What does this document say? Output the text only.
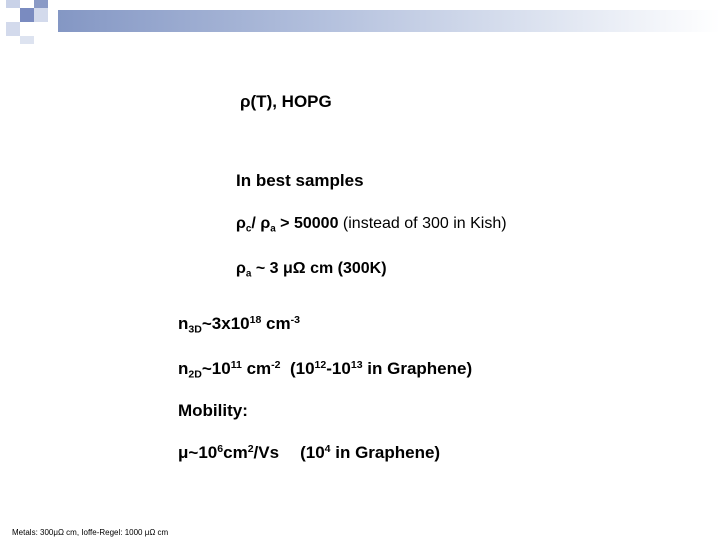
ρ(T), HOPG
In best samples
$\rho_c/$ $\rho_a > 50000$ (instead of 300 in Kish)
$\rho_a$ ~ 3 μΩ cm (300K)
$n_{3D}\sim 3x10^{18}$ $cm^{-3}$
$n_{2D}\sim 10^{11}$ $cm^{-2}$  ($10^{12}-10^{13}$ in Graphene)
Mobility:
$\mu\sim 10^6cm^2/Vs$ ($10^4$ in Graphene)
Metals: 300μΩ cm, Ioffe-Regel: 1000 μΩ cm
